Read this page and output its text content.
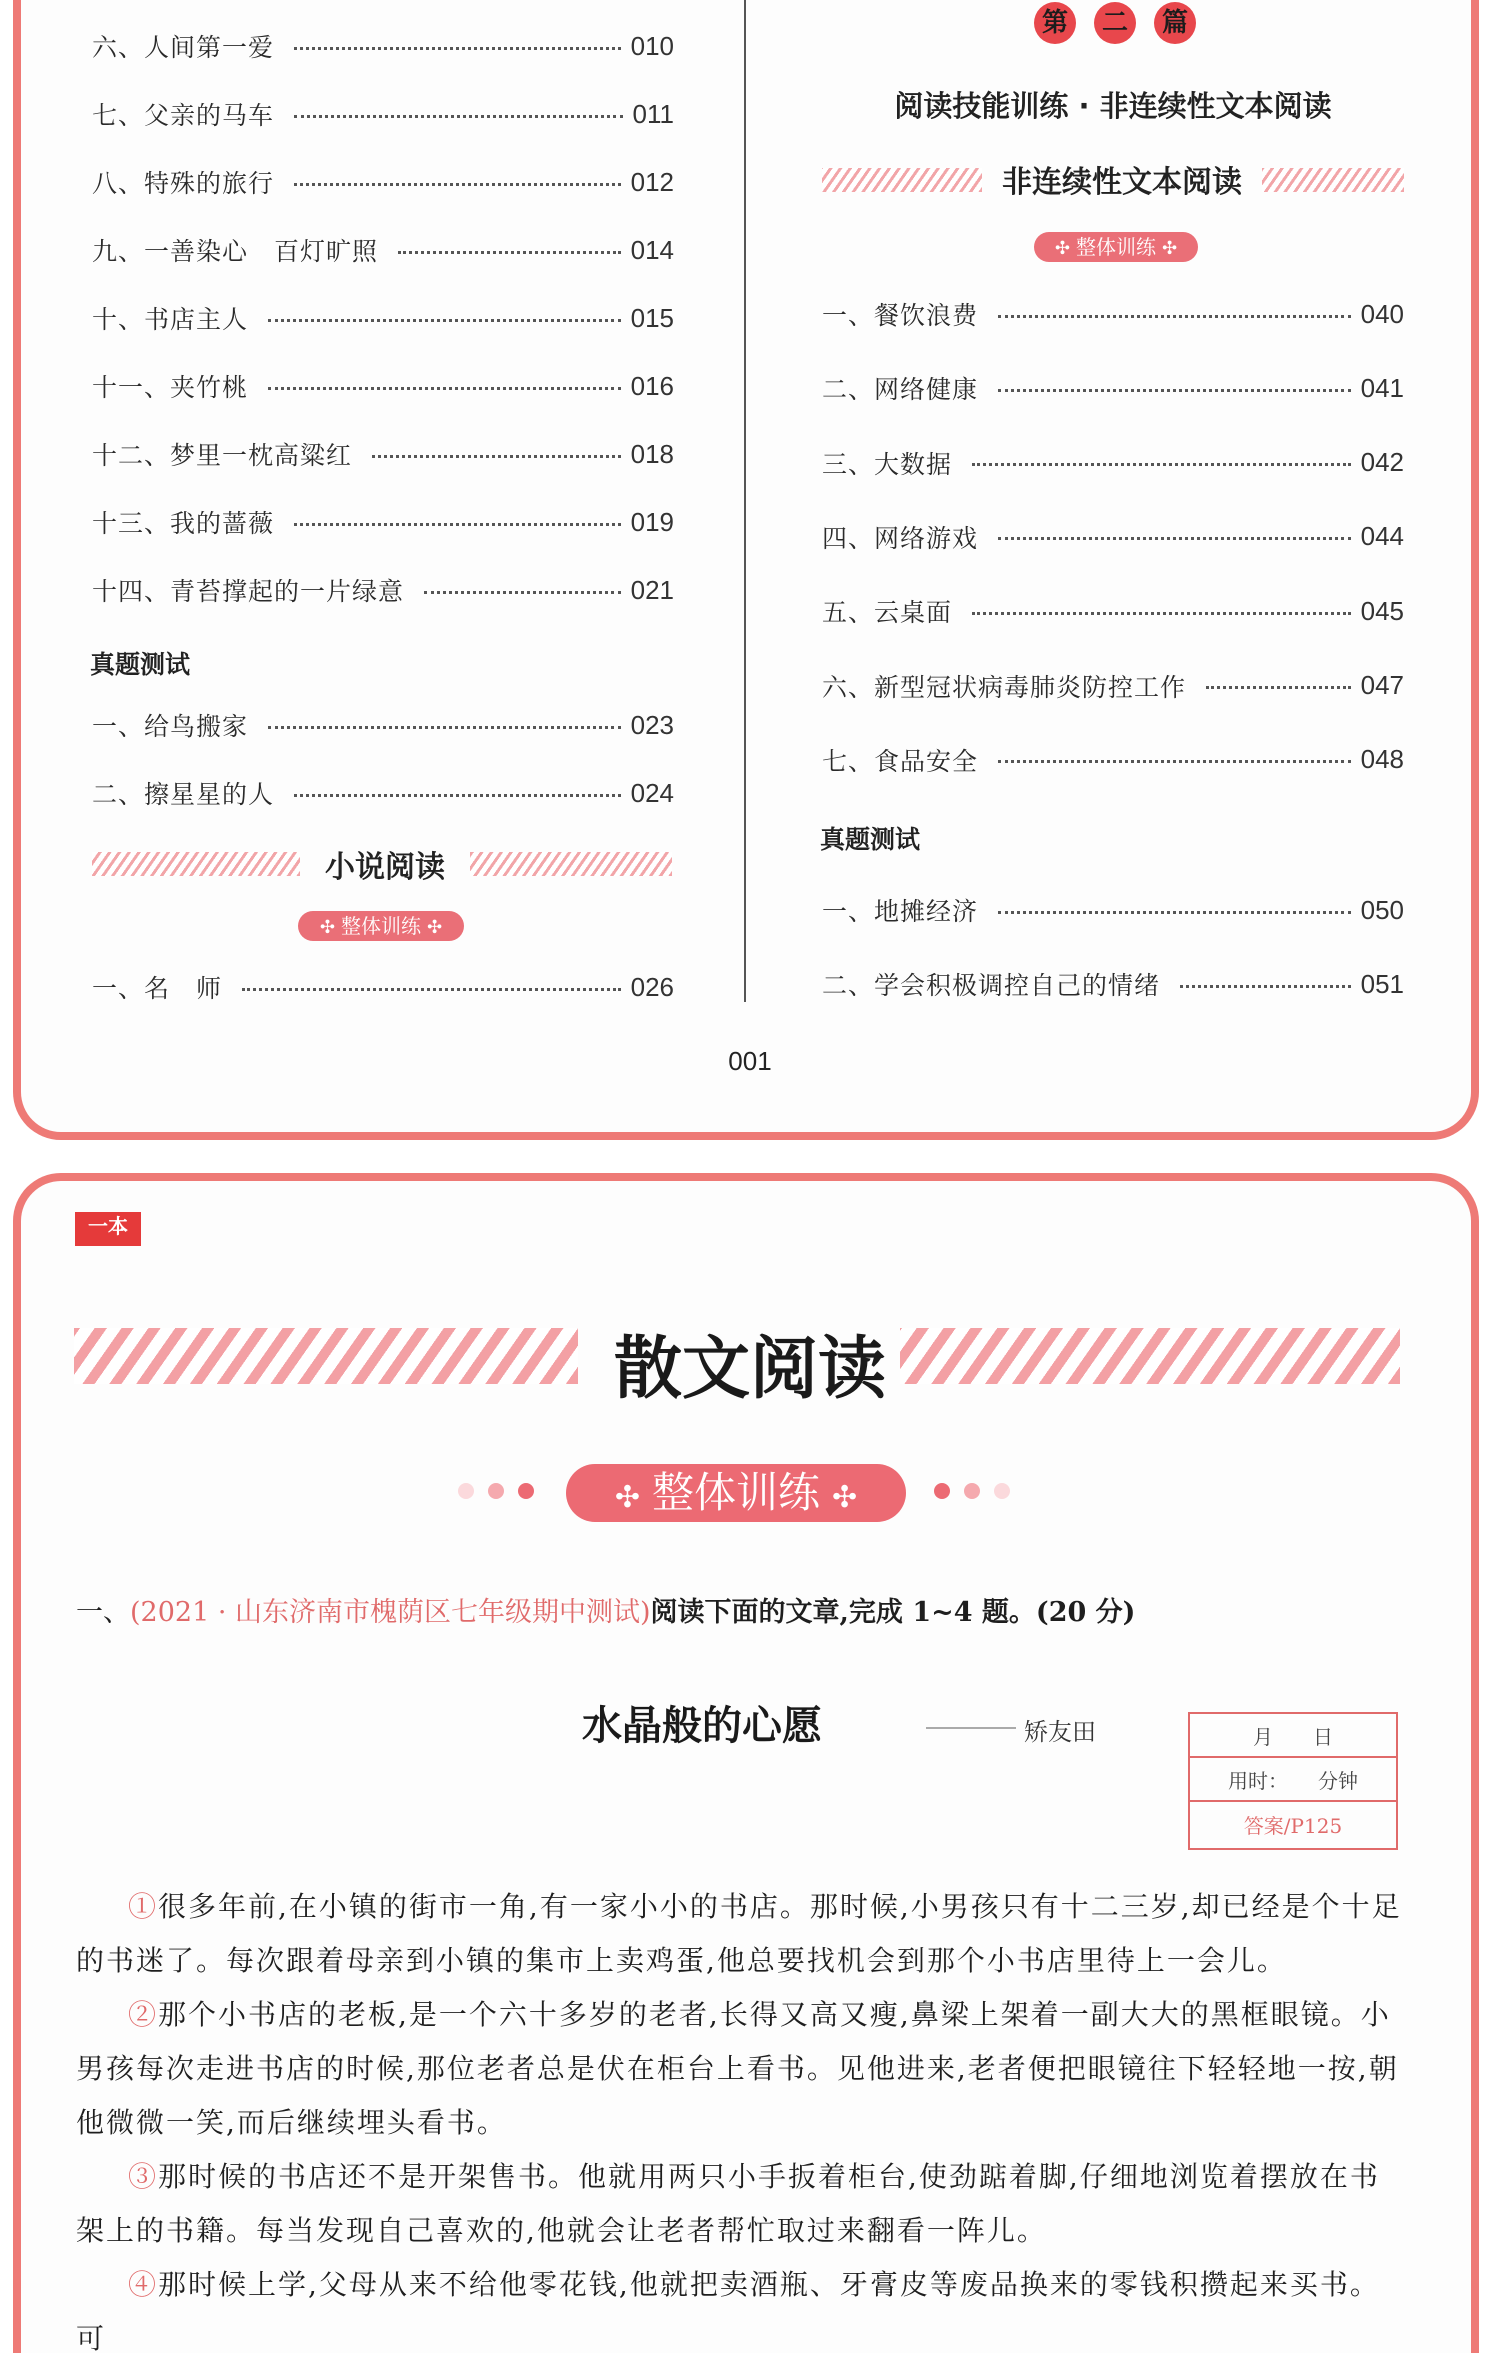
六、人间第一爱	010
七、父亲的马车	011
八、特殊的旅行	012
九、一善染心　百灯旷照	014
十、书店主人	015
十一、夹竹桃	016
十二、梦里一枕高粱红	018
十三、我的蔷薇	019
十四、青苔撑起的一片绿意	021
真题测试
一、给鸟搬家	023
二、擦星星的人	024
小说阅读
✣ 整体训练 ✣
一、名　师	026
第	二	篇
阅读技能训练 · 非连续性文本阅读
非连续性文本阅读
✣ 整体训练 ✣
一、餐饮浪费	040
二、网络健康	041
三、大数据	042
四、网络游戏	044
五、云桌面	045
六、新型冠状病毒肺炎防控工作	047
七、食品安全	048
真题测试
一、地摊经济	050
二、学会积极调控自己的情绪	051
001
一本
散文阅读
✣ 整体训练 ✣
一、(2021 · 山东济南市槐荫区七年级期中测试)阅读下面的文章,完成 1~4 题。(20 分)
水晶般的心愿	矫友田	月　　日
用时：　　分钟
答案/P125
①很多年前,在小镇的街市一角,有一家小小的书店。那时候,小男孩只有十二三岁,却已经是个十足的书迷了。每次跟着母亲到小镇的集市上卖鸡蛋,他总要找机会到那个小书店里待上一会儿。
②那个小书店的老板,是一个六十多岁的老者,长得又高又瘦,鼻梁上架着一副大大的黑框眼镜。小男孩每次走进书店的时候,那位老者总是伏在柜台上看书。见他进来,老者便把眼镜往下轻轻地一按,朝他微微一笑,而后继续埋头看书。
③那时候的书店还不是开架售书。他就用两只小手扳着柜台,使劲踮着脚,仔细地浏览着摆放在书架上的书籍。每当发现自己喜欢的,他就会让老者帮忙取过来翻看一阵儿。
④那时候上学,父母从来不给他零花钱,他就把卖酒瓶、牙膏皮等废品换来的零钱积攒起来买书。可
